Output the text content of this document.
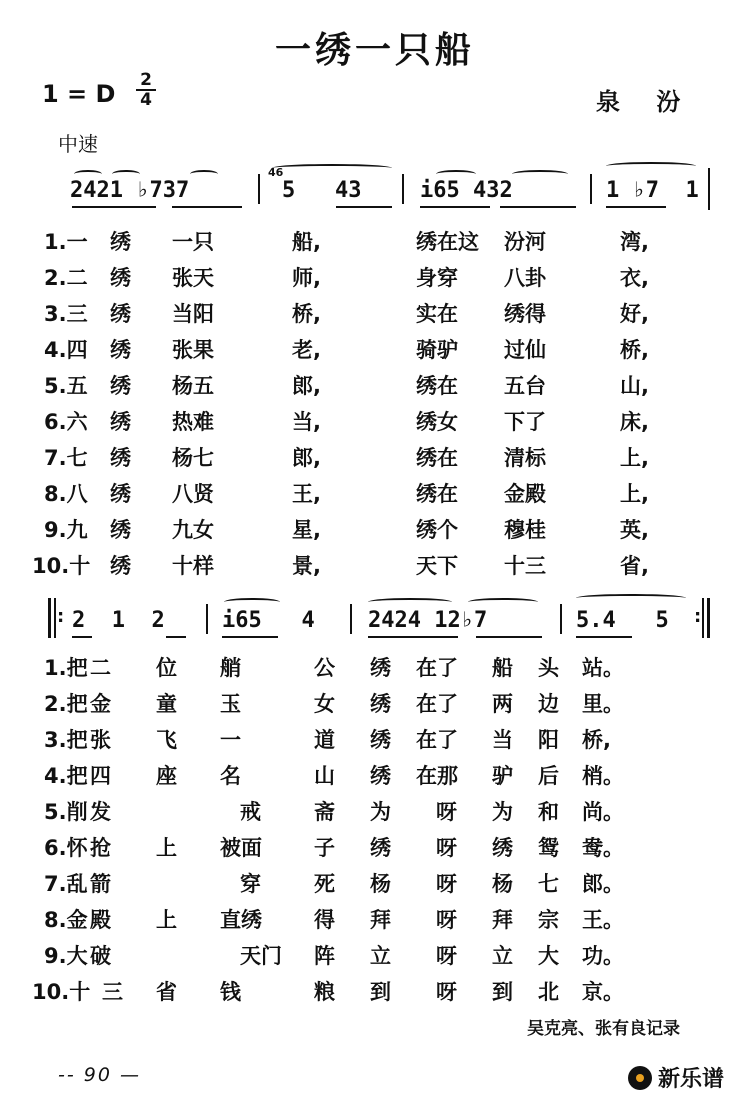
一绣一只船
1 = D 2
4	泉 汾
中速
2421 ♭737
46
5   43	i65 432	1 ♭7  1
1.一 绣 一只	船,	绣在这 汾河	湾,
2.二 绣 张天	师,	身穿 八卦	衣,
3.三 绣 当阳	桥,	实在 绣得	好,
4.四 绣 张果	老,	骑驴 过仙	桥,
5.五 绣 杨五	郎,	绣在 五台	山,
6.六 绣 热难	当,	绣女 下了	床,
7.七 绣 杨七	郎,	绣在 清标	上,
8.八 绣 八贤	王,	绣在 金殿	上,
9.九 绣 九女	星,	绣个 穆桂	英,
10.十 绣 十样	景,	天下 十三	省,
: 2  1  2	i65   4 2424 12♭7	5.4   5 :
1.把 二 位 艄	公 绣 在了 船 头 站。
2.把 金 童 玉	女 绣 在了 两 边 里。
3.把 张 飞 一	道 绣 在了 当 阳 桥,
4.把 四 座 名	山 绣 在那 驴 后 梢。
5.削 发	戒	斋 为 呀 为 和 尚。
6.怀 抢 上 被面 子 绣 呀 绣 鸳 鸯。
7.乱 箭	穿	死 杨 呀 杨 七 郎。
8.金 殿 上 直绣 得 拜 呀 拜 宗 王。
9.大 破	天门 阵 立 呀 立 大 功。
10.十 三 省 钱	粮 到 呀 到 北 京。
吴克亮、张有良记录
-- 90 —	新乐谱
